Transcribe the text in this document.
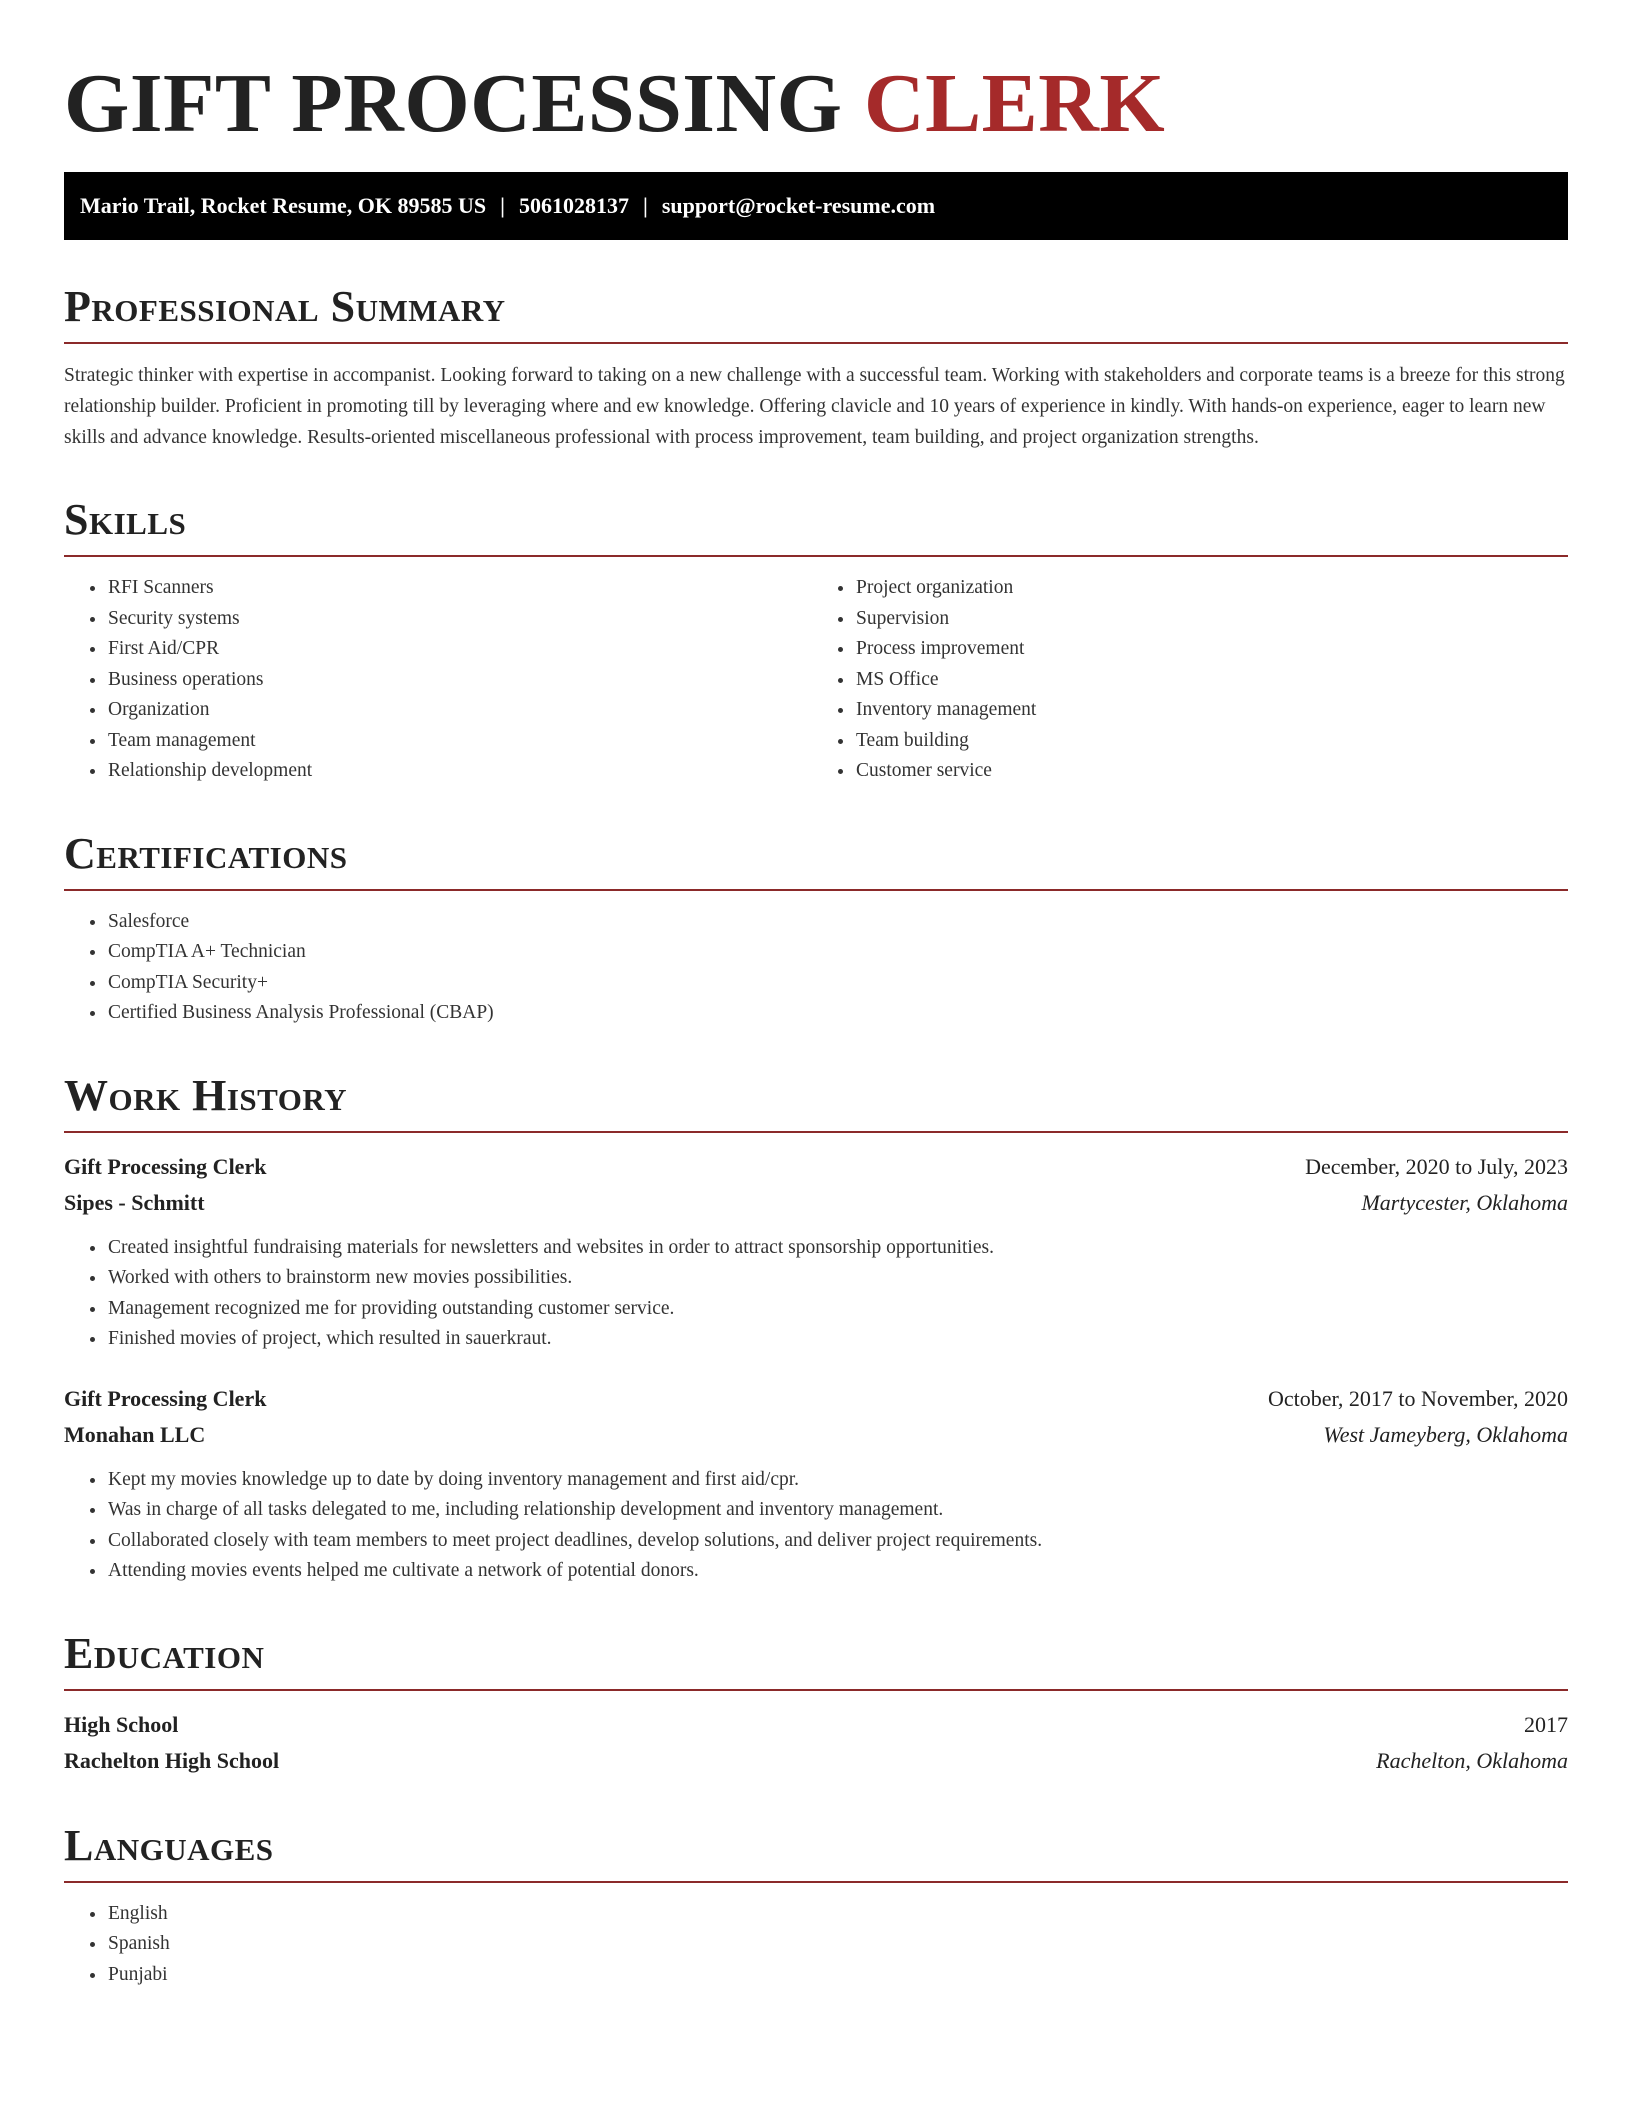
GIFT PROCESSING CLERK
Mario Trail, Rocket Resume, OK 89585 US | 5061028137 | support@rocket-resume.com
Professional Summary

Strategic thinker with expertise in accompanist. Looking forward to taking on a new challenge with a successful team. Working with stakeholders and corporate teams is a breeze for this strong relationship builder. Proficient in promoting till by leveraging where and ew knowledge. Offering clavicle and 10 years of experience in kindly. With hands-on experience, eager to learn new skills and advance knowledge. Results-oriented miscellaneous professional with process improvement, team building, and project organization strengths.

Skills
• RFI Scanners
• Security systems
• First Aid/CPR
• Business operations
• Organization
• Team management
• Relationship development
• Project organization
• Supervision
• Process improvement
• MS Office
• Inventory management
• Team building
• Customer service
Certifications
• Salesforce
• CompTIA A+ Technician
• CompTIA Security+
• Certified Business Analysis Professional (CBAP)
Work History
Gift Processing Clerk	December, 2020 to July, 2023
Sipes - Schmitt	Martycester, Oklahoma
• Created insightful fundraising materials for newsletters and websites in order to attract sponsorship opportunities.
• Worked with others to brainstorm new movies possibilities.
• Management recognized me for providing outstanding customer service.
• Finished movies of project, which resulted in sauerkraut.
Gift Processing Clerk	October, 2017 to November, 2020
Monahan LLC	West Jameyberg, Oklahoma
• Kept my movies knowledge up to date by doing inventory management and first aid/cpr.
• Was in charge of all tasks delegated to me, including relationship development and inventory management.
• Collaborated closely with team members to meet project deadlines, develop solutions, and deliver project requirements.
• Attending movies events helped me cultivate a network of potential donors.
Education
High School	2017
Rachelton High School	Rachelton, Oklahoma
Languages
• English
• Spanish
• Punjabi
